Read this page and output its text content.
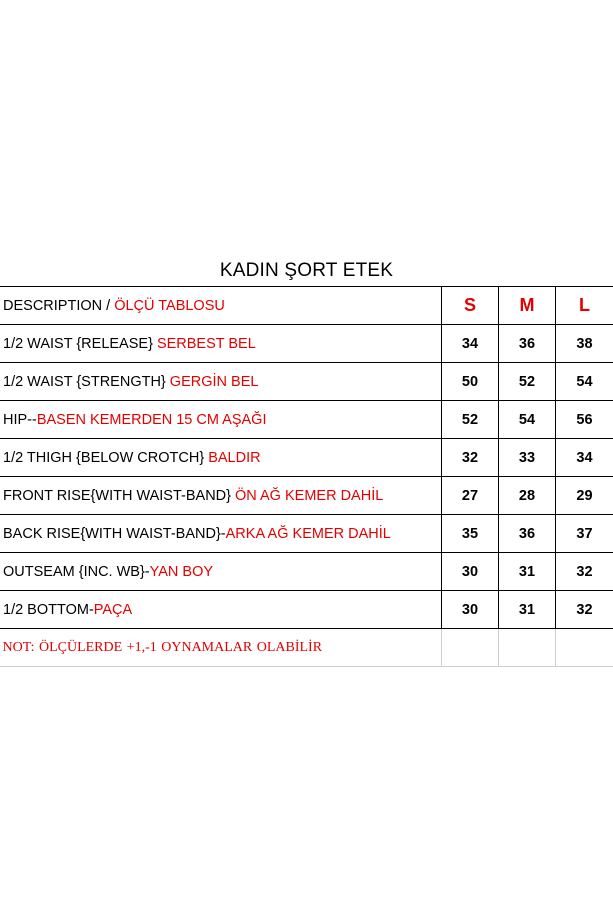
KADIN ŞORT ETEK
DESCRIPTION / ÖLÇÜ TABLOSU	S	M	L
1/2 WAIST {RELEASE} SERBEST BEL	34	36	38
1/2 WAIST {STRENGTH} GERGİN BEL	50	52	54
HIP--BASEN KEMERDEN 15 CM AŞAĞI	52	54	56
1/2 THIGH {BELOW CROTCH} BALDIR	32	33	34
FRONT RISE{WITH WAIST-BAND} ÖN AĞ KEMER DAHİL	27	28	29
BACK RISE{WITH WAIST-BAND}-ARKA AĞ KEMER DAHİL	35	36	37
OUTSEAM {INC. WB}-YAN BOY	30	31	32
1/2 BOTTOM-PAÇA	30	31	32
NOT: ÖLÇÜLERDE +1,-1 OYNAMALAR OLABİLİR			
